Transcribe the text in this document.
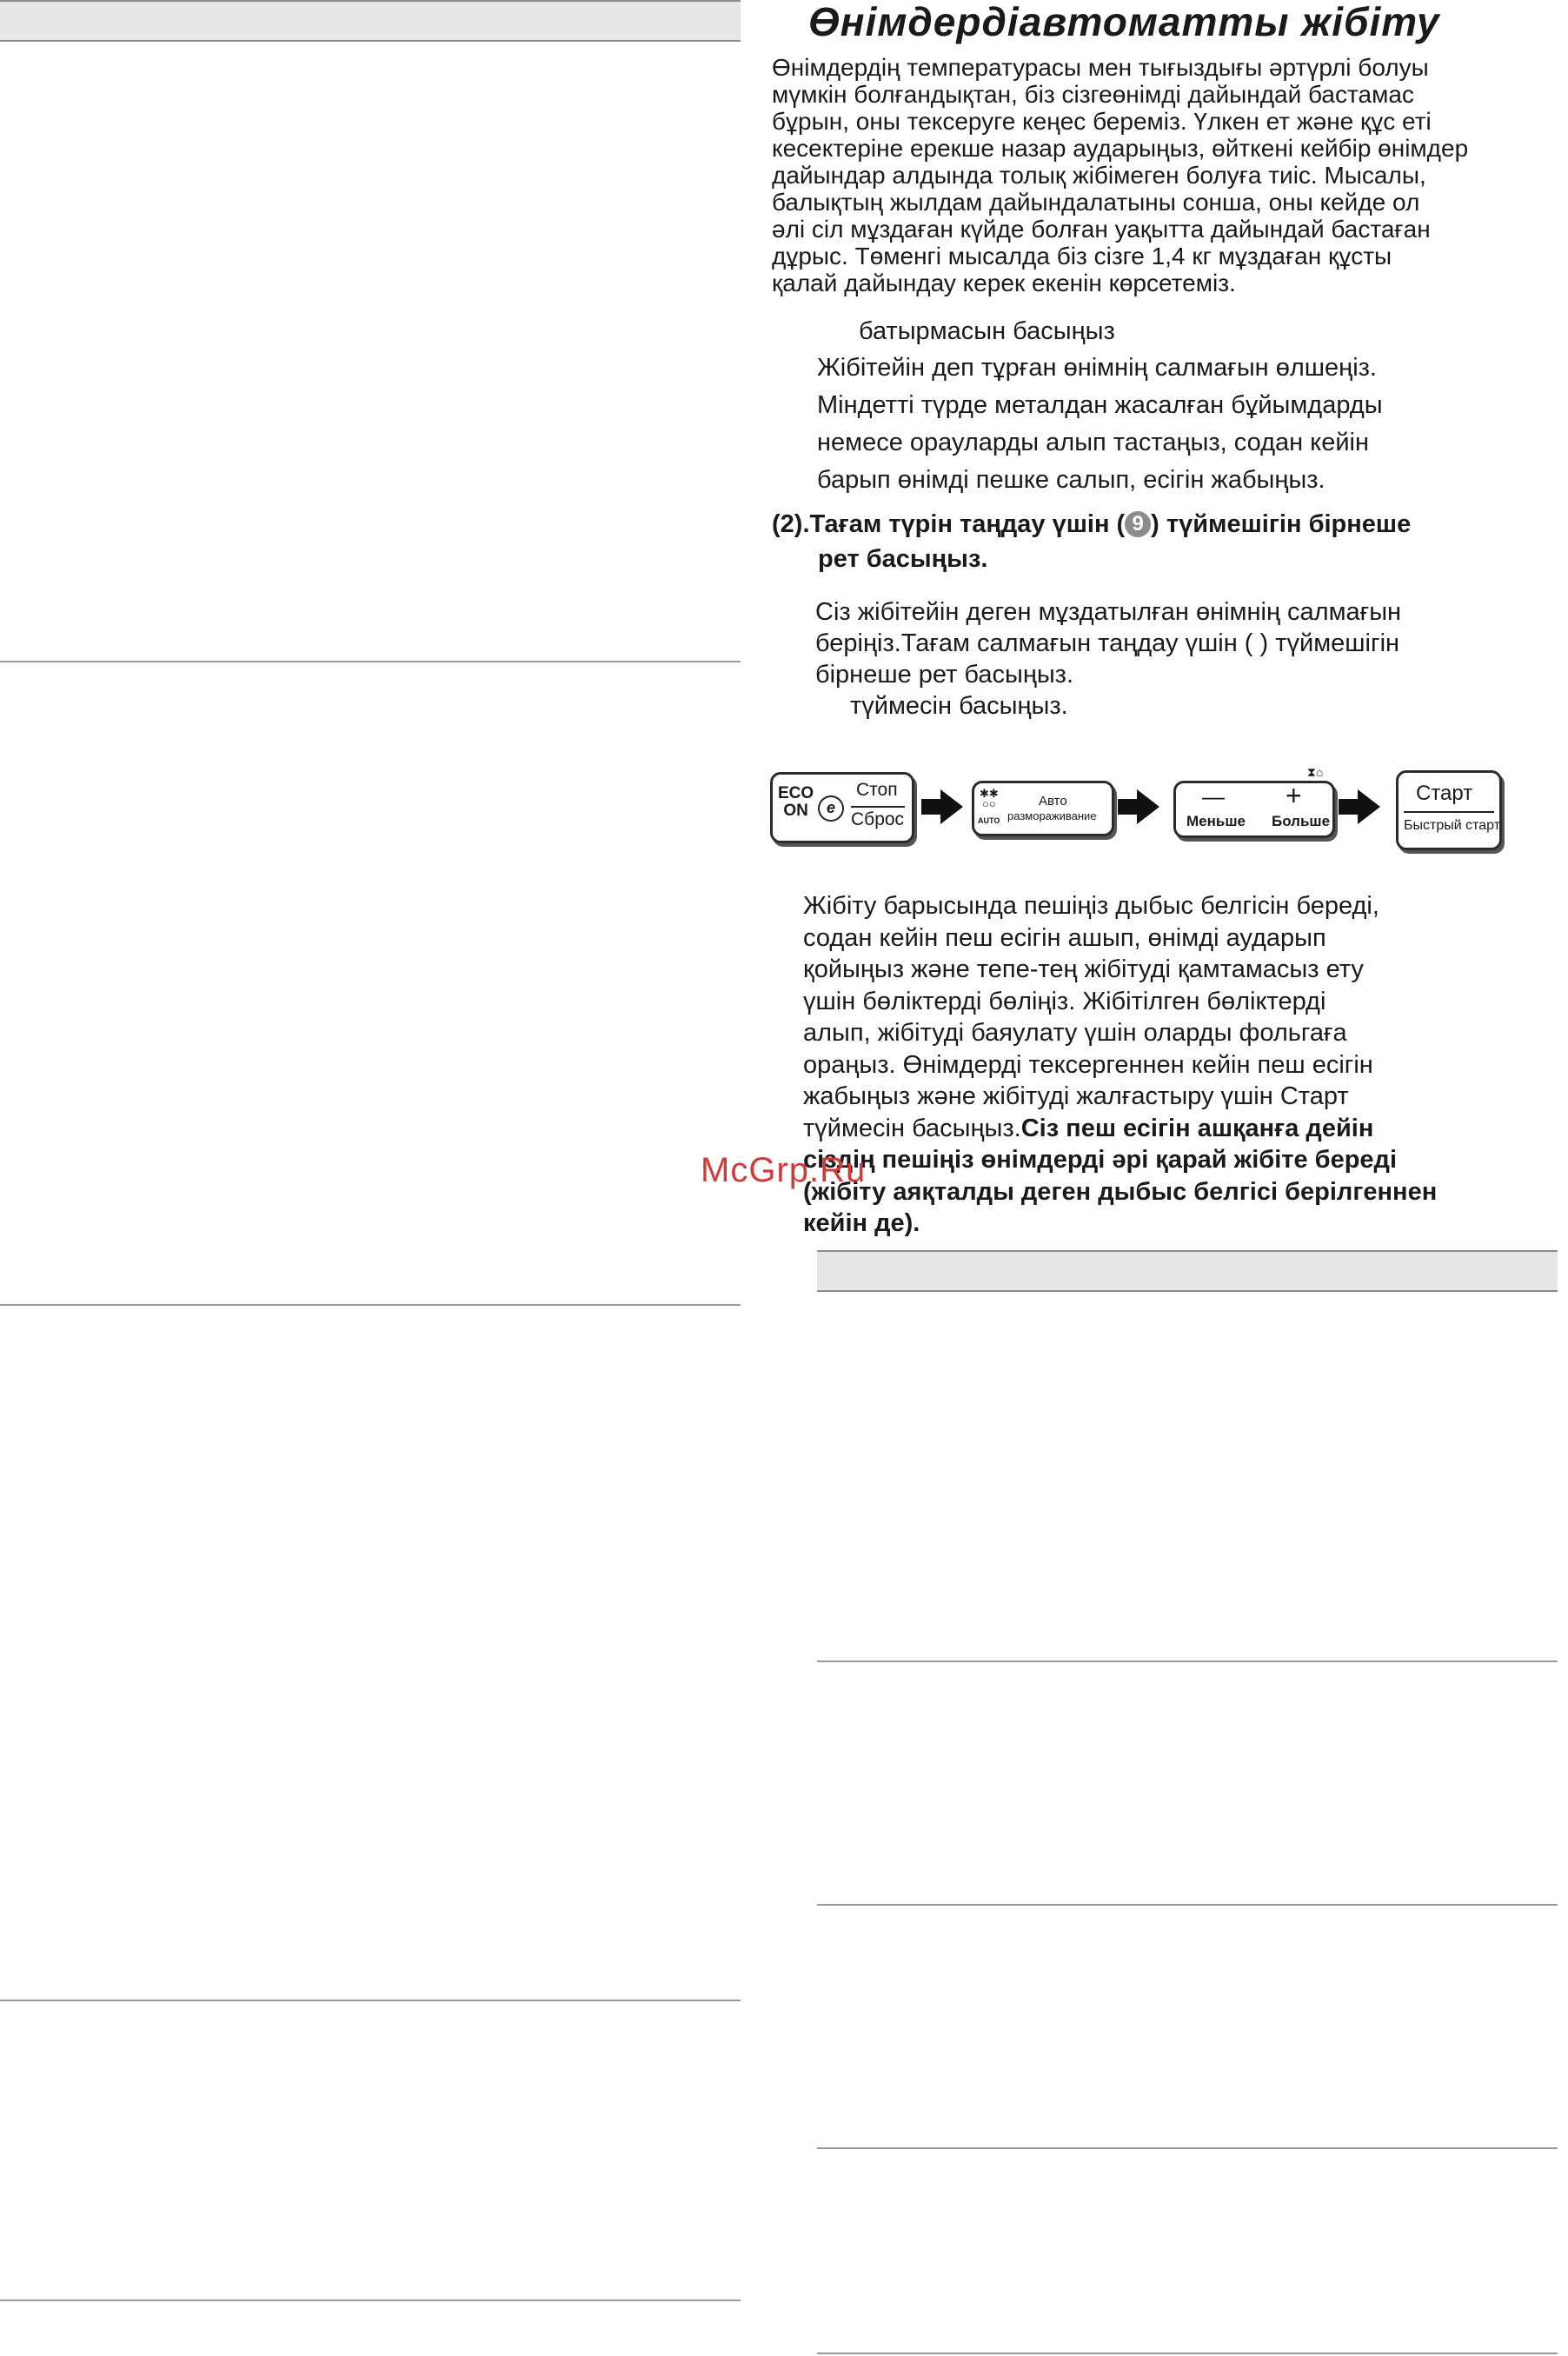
Өнімдердіавтоматты жібіту
Өнімдердің температурасы мен тығыздығы әртүрлі болуы
мүмкін болғандықтан, біз сізгеөнімді дайындай бастамас
бұрын, оны тексеруге кеңес береміз. Үлкен ет және құс еті
кесектеріне ерекше назар аударыңыз, өйткені кейбір өнімдер
дайындар алдында толық жібімеген болуға тиіс. Мысалы,
балықтың жылдам дайындалатыны сонша, оны кейде ол
әлі сіл мұздаған күйде болған уақытта дайындай бастаған
дұрыс. Төменгі мысалда біз сізге 1,4 кг мұздаған құсты
қалай дайындау керек екенін көрсетеміз.
батырмасын басыңыз
Жібітейін деп тұрған өнімнің салмағын өлшеңіз.
Міндетті түрде металдан жасалған бұйымдарды
немесе орауларды алып тастаңыз, содан кейін
барып өнімді пешке салып, есігін жабыңыз.
(2).Тағам түрін таңдау үшін ( 9 ) түймешігін бірнеше
рет басыңыз.
Сіз жібітейін деген мұздатылған өнімнің салмағын
беріңіз.Тағам салмағын таңдау үшін ( ) түймешігін
бірнеше рет басыңыз.
түймесін басыңыз.
ECO
ON	e
Стоп
Сброс
✱✱
○○
AUTO
Авто
размораживание
⧗⌂
— +
Меньше Больше
Старт
Быстрый старт
Жібіту барысында пешіңіз дыбыс белгісін береді,
содан кейін пеш есігін ашып, өнімді аударып
қойыңыз және тепе-тең жібітуді қамтамасыз ету
үшін бөліктерді бөліңіз. Жібітілген бөліктерді
алып, жібітуді баяулату үшін оларды фольгаға
ораңыз. Өнімдерді тексергеннен кейін пеш есігін
жабыңыз және жібітуді жалғастыру үшін Старт
түймесін басыңыз.Сіз пеш есігін ашқанға дейін
сіздің пешіңіз өнімдерді әрі қарай жібіте береді
(жібіту аяқталды деген дыбыс белгісі берілгеннен
кейін де).
McGrp.Ru
